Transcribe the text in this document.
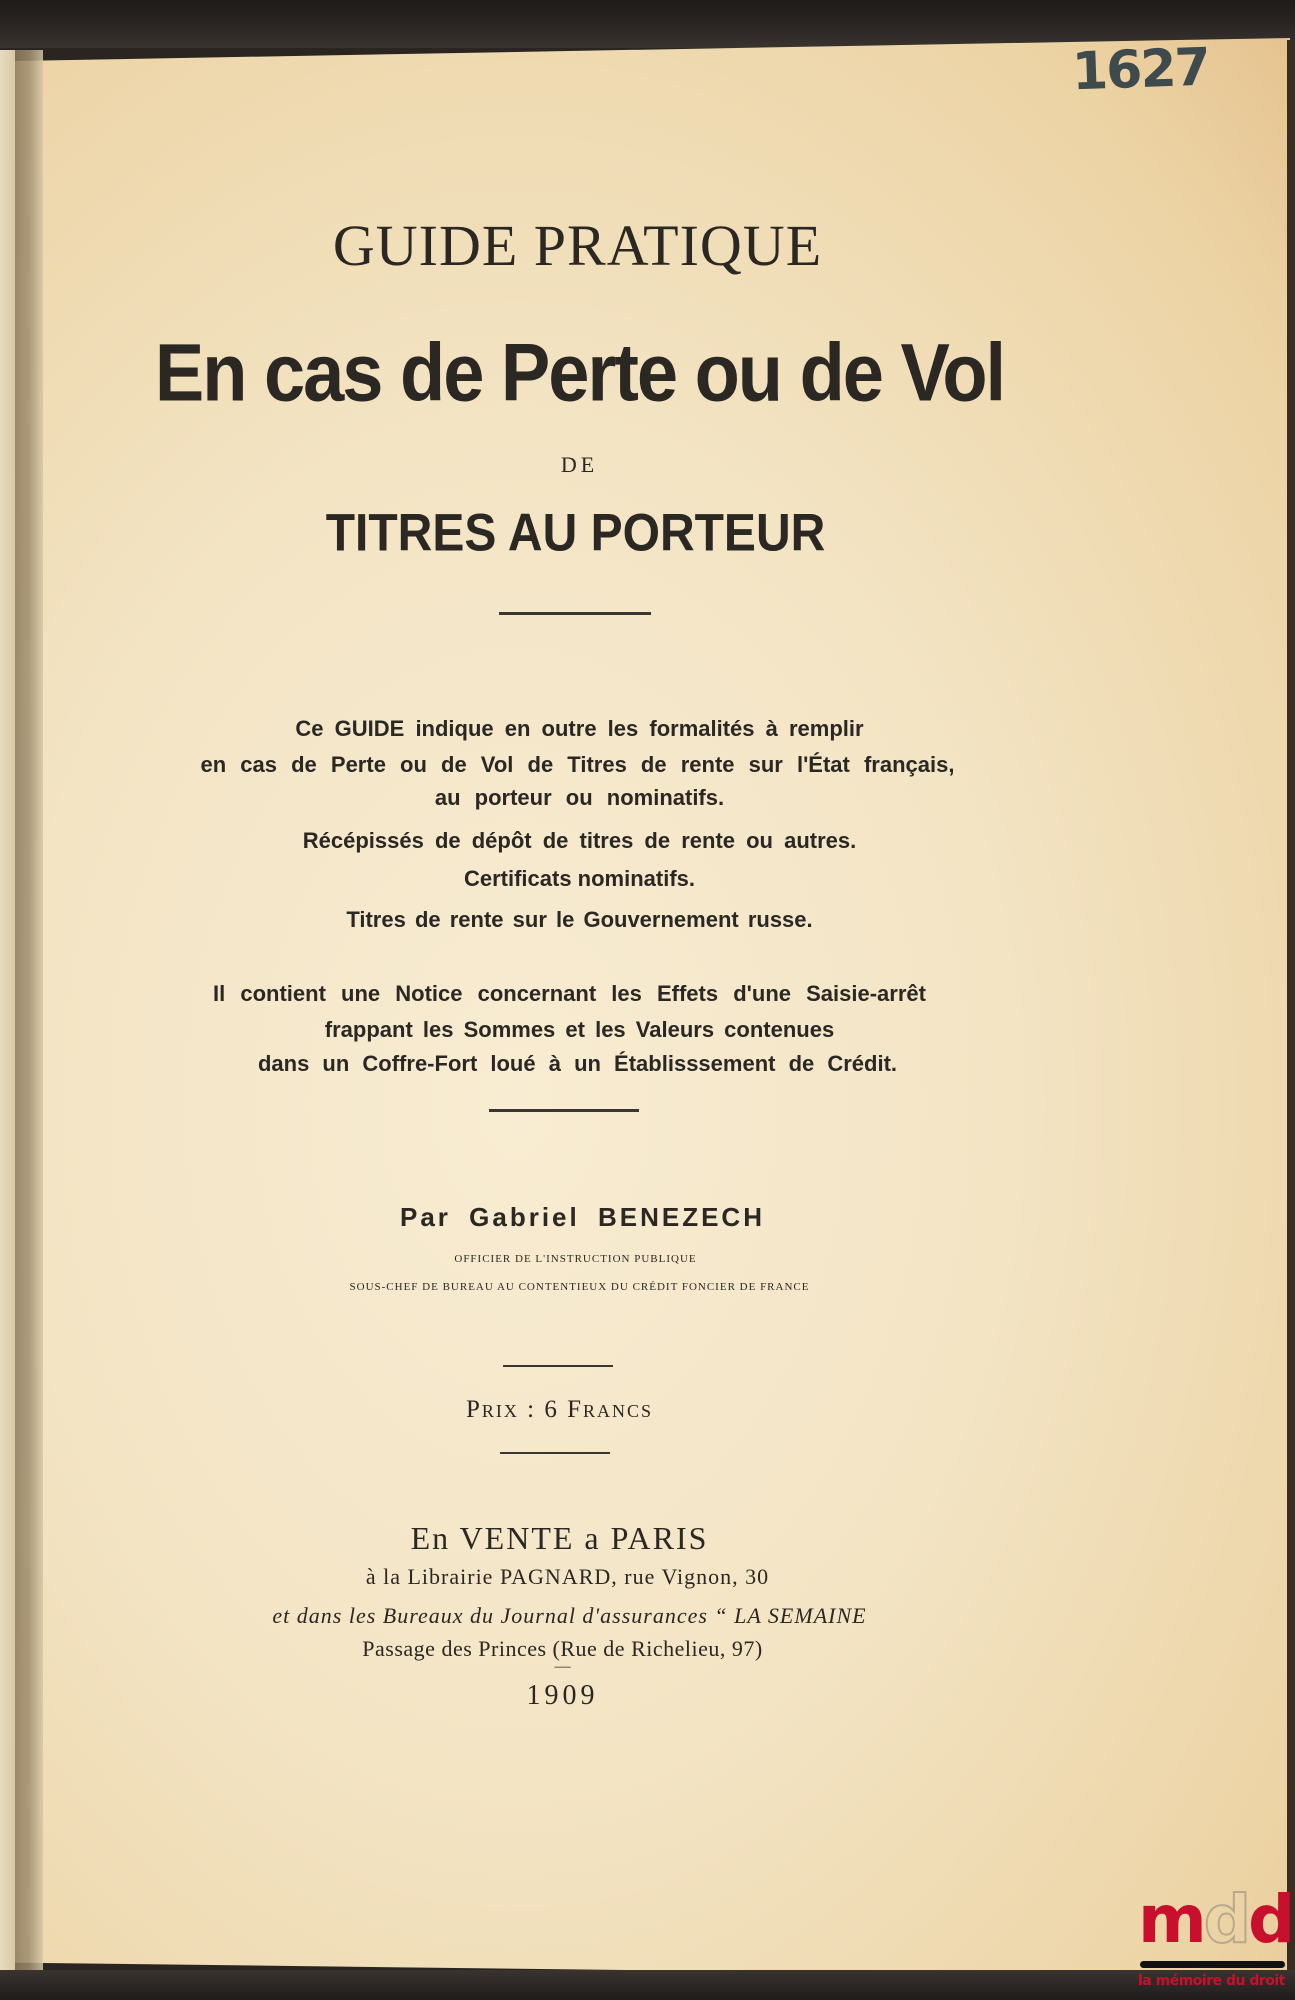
1627
GUIDE PRATIQUE
En cas de Perte ou de Vol
DE
TITRES AU PORTEUR
Ce GUIDE indique en outre les formalités à remplir
en cas de Perte ou de Vol de Titres de rente sur l'État français,
au porteur ou nominatifs.
Récépissés de dépôt de titres de rente ou autres.
Certificats nominatifs.
Titres de rente sur le Gouvernement russe.
Il contient une Notice concernant les Effets d'une Saisie-arrêt
frappant les Sommes et les Valeurs contenues
dans un Coffre-Fort loué à un Établisssement de Crédit.
Par Gabriel BENEZECH
OFFICIER DE L'INSTRUCTION PUBLIQUE
SOUS-CHEF DE BUREAU AU CONTENTIEUX DU CRÉDIT FONCIER DE FRANCE
Prix : 6 Francs
En VENTE a PARIS
à la Librairie PAGNARD, rue Vignon, 30
et dans les Bureaux du Journal d'assurances “ LA SEMAINE
Passage des Princes (Rue de Richelieu, 97)
—
1909
mdd
la mémoire du droit
